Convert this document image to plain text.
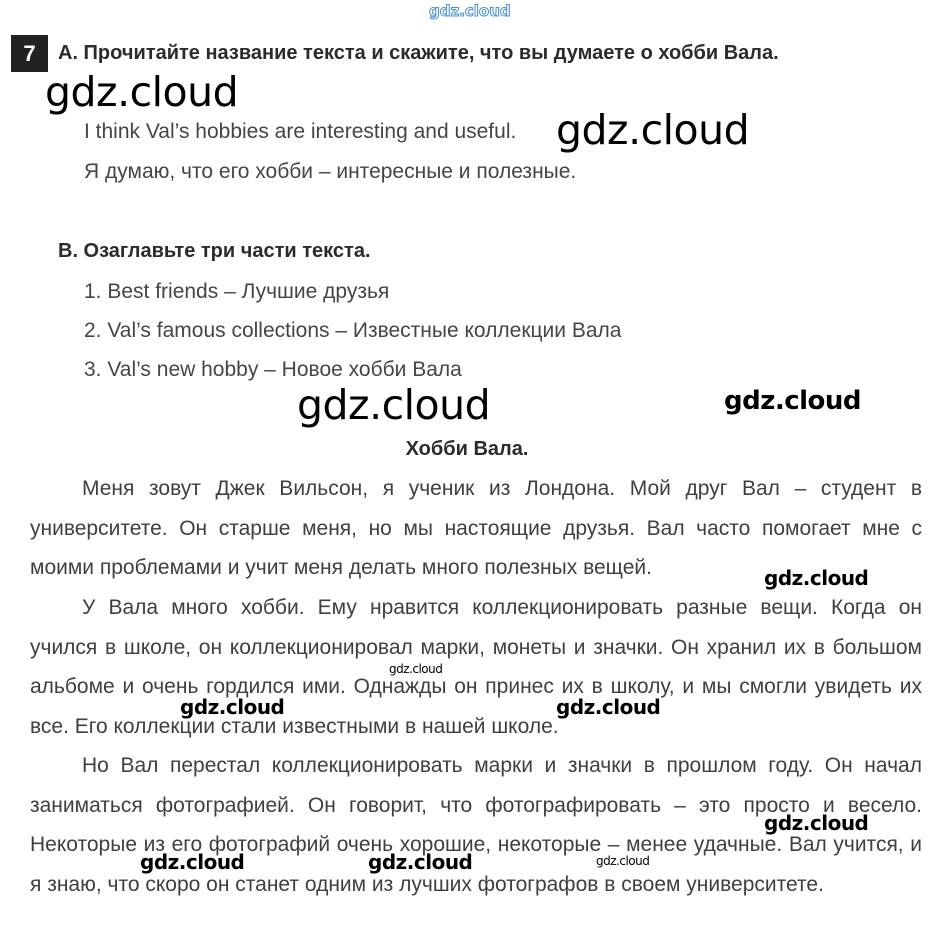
gdz.cloud
7	A. Прочитайте название текста и скажите, что вы думаете о хобби Вала.
I think Val’s hobbies are interesting and useful.
Я думаю, что его хобби – интересные и полезные.
B. Озаглавьте три части текста.
1. Best friends – Лучшие друзья
2. Val’s famous collections – Известные коллекции Вала
3. Val’s new hobby – Новое хобби Вала
Хобби Вала.
Меня зовут Джек Вильсон, я ученик из Лондона. Мой друг Вал – студент в университете. Он старше меня, но мы настоящие друзья. Вал часто помогает мне с моими проблемами и учит меня делать много полезных вещей.
У Вала много хобби. Ему нравится коллекционировать разные вещи. Когда он учился в школе, он коллекционировал марки, монеты и значки. Он хранил их в большом альбоме и очень гордился ими. Однажды он принес их в школу, и мы смогли увидеть их все. Его коллекции стали известными в нашей школе.
Но Вал перестал коллекционировать марки и значки в прошлом году. Он начал заниматься фотографией. Он говорит, что фотографировать – это просто и весело. Некоторые из его фотографий очень хорошие, некоторые – менее удачные. Вал учится, и я знаю, что скоро он станет одним из лучших фотографов в своем университете.
gdz.cloud
gdz.cloud
gdz.cloud	gdz.cloud
gdz.cloud
gdz.cloud
gdz.cloud	gdz.cloud
gdz.cloud
gdz.cloud	gdz.cloud	gdz.cloud
